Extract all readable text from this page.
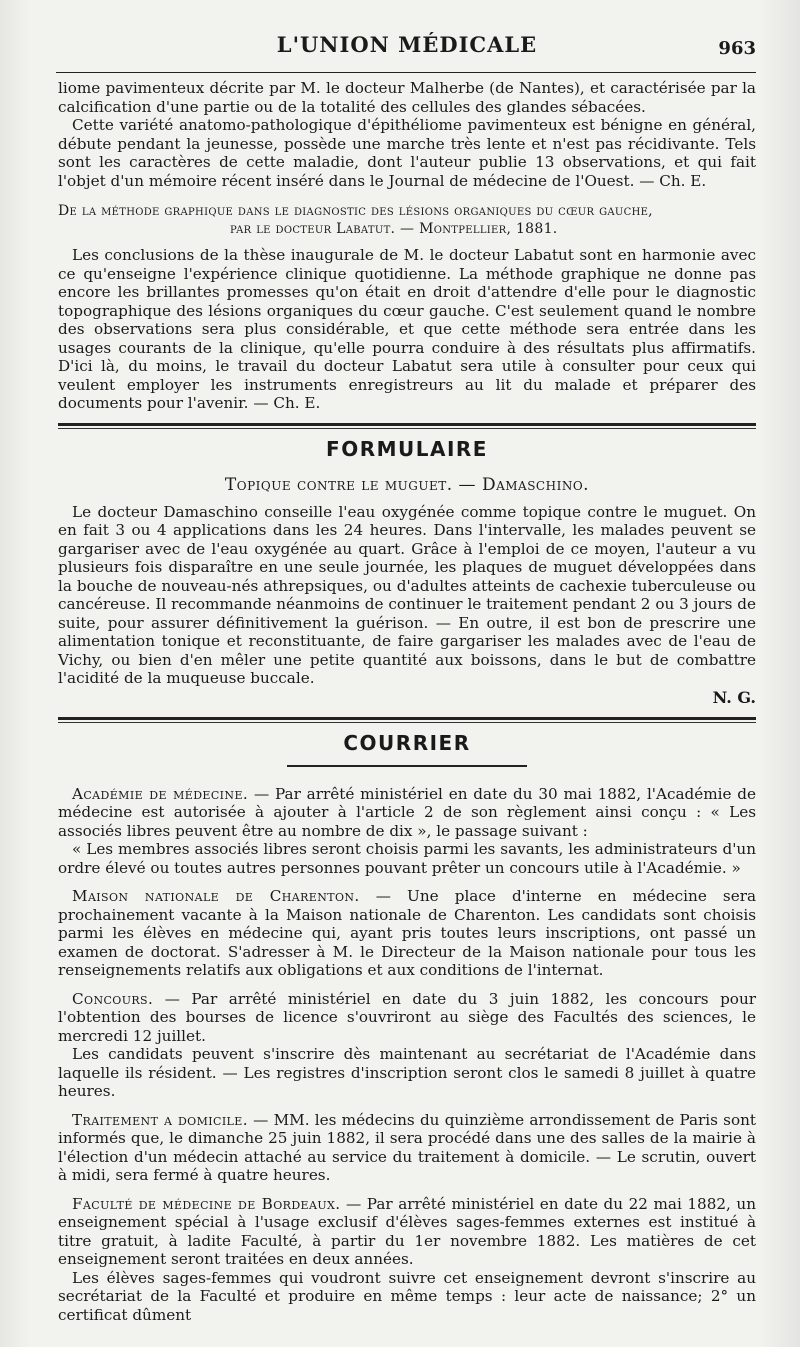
L'UNION MÉDICALE	963

liome pavimenteux décrite par M. le docteur Malherbe (de Nantes), et caractérisée par la calcification d'une partie ou de la totalité des cellules des glandes sébacées.

Cette variété anatomo-pathologique d'épithéliome pavimenteux est bénigne en général, débute pendant la jeunesse, possède une marche très lente et n'est pas récidivante. Tels sont les caractères de cette maladie, dont l'auteur publie 13 observations, et qui fait l'objet d'un mémoire récent inséré dans le Journal de médecine de l'Ouest. — Ch. E.

De la méthode graphique dans le diagnostic des lésions organiques du cœur gauche,
par le docteur Labatut. — Montpellier, 1881.

Les conclusions de la thèse inaugurale de M. le docteur Labatut sont en harmonie avec ce qu'enseigne l'expérience clinique quotidienne. La méthode graphique ne donne pas encore les brillantes promesses qu'on était en droit d'attendre d'elle pour le diagnostic topographique des lésions organiques du cœur gauche. C'est seulement quand le nombre des observations sera plus considérable, et que cette méthode sera entrée dans les usages courants de la clinique, qu'elle pourra conduire à des résultats plus affirmatifs. D'ici là, du moins, le travail du docteur Labatut sera utile à consulter pour ceux qui veulent employer les instruments enregistreurs au lit du malade et préparer des documents pour l'avenir. — Ch. E.

FORMULAIRE
Topique contre le muguet. — Damaschino.

Le docteur Damaschino conseille l'eau oxygénée comme topique contre le muguet. On en fait 3 ou 4 applications dans les 24 heures. Dans l'intervalle, les malades peuvent se gargariser avec de l'eau oxygénée au quart. Grâce à l'emploi de ce moyen, l'auteur a vu plusieurs fois disparaître en une seule journée, les plaques de muguet développées dans la bouche de nouveau-nés athrepsiques, ou d'adultes atteints de cachexie tuberculeuse ou cancéreuse. Il recommande néanmoins de continuer le traitement pendant 2 ou 3 jours de suite, pour assurer définitivement la guérison. — En outre, il est bon de prescrire une alimentation tonique et reconstituante, de faire gargariser les malades avec de l'eau de Vichy, ou bien d'en mêler une petite quantité aux boissons, dans le but de combattre l'acidité de la muqueuse buccale.

N. G.
COURRIER

Académie de médecine. — Par arrêté ministériel en date du 30 mai 1882, l'Académie de médecine est autorisée à ajouter à l'article 2 de son règlement ainsi conçu : « Les associés libres peuvent être au nombre de dix », le passage suivant :

« Les membres associés libres seront choisis parmi les savants, les administrateurs d'un ordre élevé ou toutes autres personnes pouvant prêter un concours utile à l'Académie. »

Maison nationale de Charenton. — Une place d'interne en médecine sera prochainement vacante à la Maison nationale de Charenton. Les candidats sont choisis parmi les élèves en médecine qui, ayant pris toutes leurs inscriptions, ont passé un examen de doctorat. S'adresser à M. le Directeur de la Maison nationale pour tous les renseignements relatifs aux obligations et aux conditions de l'internat.

Concours. — Par arrêté ministériel en date du 3 juin 1882, les concours pour l'obtention des bourses de licence s'ouvriront au siège des Facultés des sciences, le mercredi 12 juillet.

Les candidats peuvent s'inscrire dès maintenant au secrétariat de l'Académie dans laquelle ils résident. — Les registres d'inscription seront clos le samedi 8 juillet à quatre heures.

Traitement a domicile. — MM. les médecins du quinzième arrondissement de Paris sont informés que, le dimanche 25 juin 1882, il sera procédé dans une des salles de la mairie à l'élection d'un médecin attaché au service du traitement à domicile. — Le scrutin, ouvert à midi, sera fermé à quatre heures.

Faculté de médecine de Bordeaux. — Par arrêté ministériel en date du 22 mai 1882, un enseignement spécial à l'usage exclusif d'élèves sages-femmes externes est institué à titre gratuit, à ladite Faculté, à partir du 1er novembre 1882. Les matières de cet enseignement seront traitées en deux années.

Les élèves sages-femmes qui voudront suivre cet enseignement devront s'inscrire au secrétariat de la Faculté et produire en même temps : leur acte de naissance; 2° un certificat dûment
